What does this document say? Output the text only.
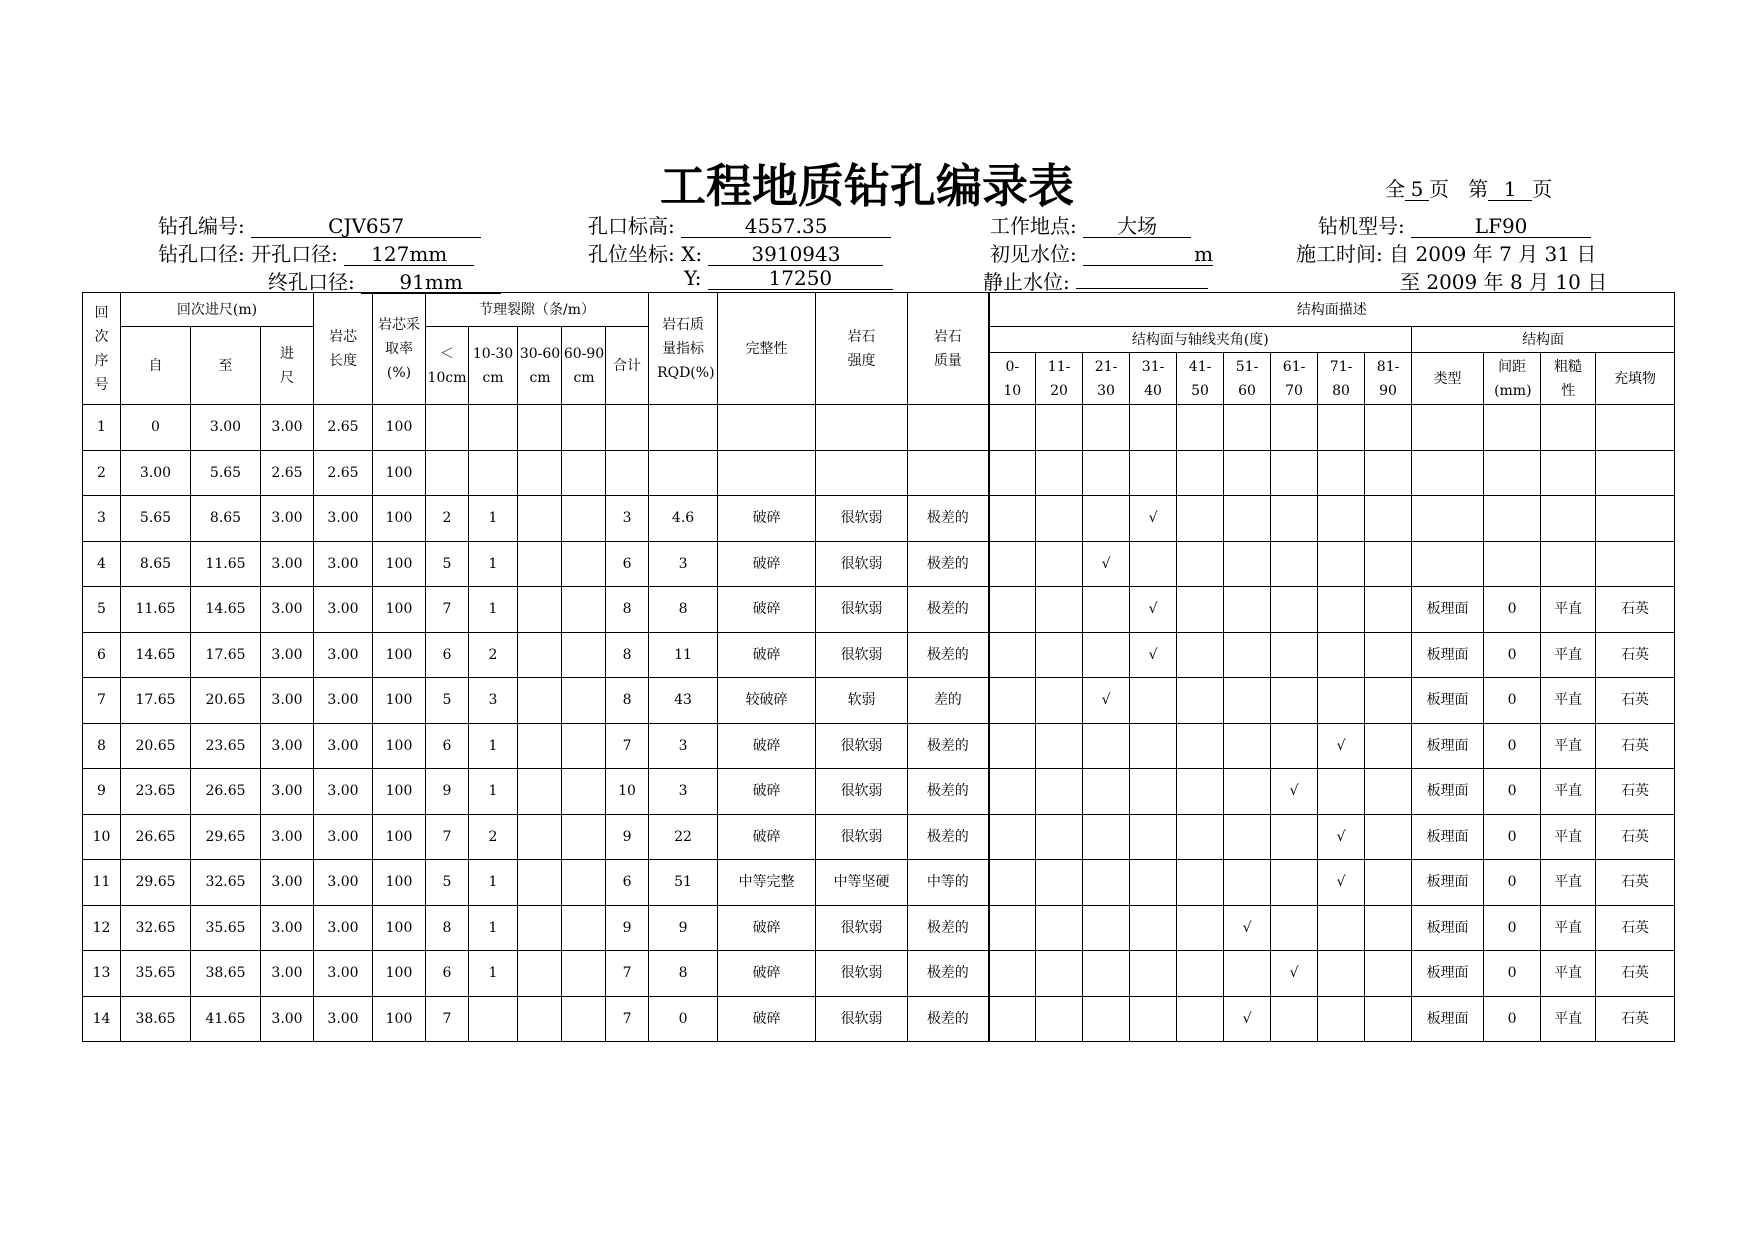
工程地质钻孔编录表	全 5 页 第 1 页
钻孔编号:	CJV657	孔口标高:	4557.35	工作地点: 大场	钻机型号:	LF90
钻孔口径: 开孔口径: 127mm	孔位坐标: X: 3910943	初见水位:	m	施工时间: 自 2009 年 7 月 31 日
终孔口径: 91mm	Y:	17250	静止水位:	至 2009 年 8 月 10 日
回次序号	回次进尺(m)			岩芯长度	岩芯采取率(%)	节理裂隙（条/m）					岩石质量指标RQD(%)	完整性	岩石强度	岩石质量	结构面描述												
	自	至	进尺			＜10cm	10-30 cm	30-60 cm	60-90 cm	合计					结构面与轴线夹角(度)									结构面			

															0-10	11-20	21-30	31-40	41-50	51-60	61-70	71-80	81-90	类型	间距(mm)	粗糙性	充填物
1	0	3.00	3.00	2.65	100																						
2	3.00	5.65	2.65	2.65	100																						
3	5.65	8.65	3.00	3.00	100	2	1			3	4.6	破碎	很软弱	极差的				√									
4	8.65	11.65	3.00	3.00	100	5	1			6	3	破碎	很软弱	极差的			√										
5	11.65	14.65	3.00	3.00	100	7	1			8	8	破碎	很软弱	极差的				√						板理面	0	平直	石英
6	14.65	17.65	3.00	3.00	100	6	2			8	11	破碎	很软弱	极差的				√						板理面	0	平直	石英
7	17.65	20.65	3.00	3.00	100	5	3			8	43	较破碎	软弱	差的			√							板理面	0	平直	石英
8	20.65	23.65	3.00	3.00	100	6	1			7	3	破碎	很软弱	极差的								√		板理面	0	平直	石英
9	23.65	26.65	3.00	3.00	100	9	1			10	3	破碎	很软弱	极差的							√			板理面	0	平直	石英
10	26.65	29.65	3.00	3.00	100	7	2			9	22	破碎	很软弱	极差的								√		板理面	0	平直	石英
11	29.65	32.65	3.00	3.00	100	5	1			6	51	中等完整	中等坚硬	中等的								√		板理面	0	平直	石英
12	32.65	35.65	3.00	3.00	100	8	1			9	9	破碎	很软弱	极差的						√				板理面	0	平直	石英
13	35.65	38.65	3.00	3.00	100	6	1			7	8	破碎	很软弱	极差的							√			板理面	0	平直	石英
14	38.65	41.65	3.00	3.00	100	7				7	0	破碎	很软弱	极差的						√				板理面	0	平直	石英
